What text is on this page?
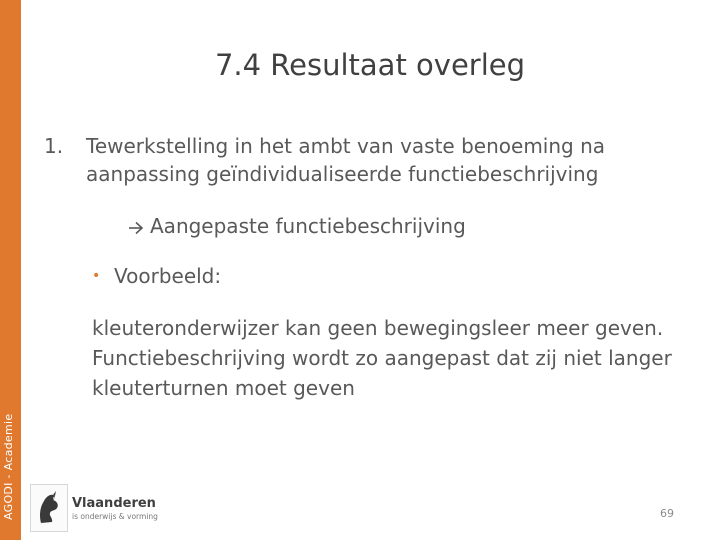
AGODI - Academie
7.4 Resultaat overleg
1. Tewerkstelling in het ambt van vaste benoeming na aanpassing geïndividualiseerde functiebeschrijving
Aangepaste functiebeschrijving
• Voorbeeld:
kleuteronderwijzer kan geen bewegingsleer meer geven. Functiebeschrijving wordt zo aangepast dat zij niet langer kleuterturnen moet geven
Vlaanderen
is onderwijs & vorming	69
